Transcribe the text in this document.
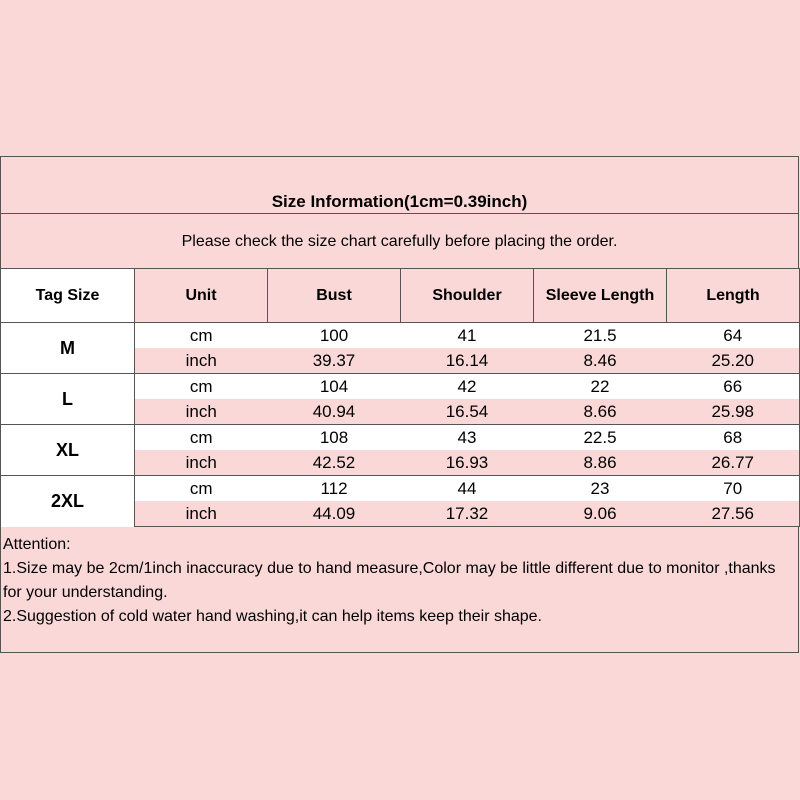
Size Information(1cm=0.39inch)
Please check the size chart carefully before placing the order.
Tag Size	Unit	Bust	Shoulder	Sleeve Length	Length
M	cm	100	41	21.5	64
	inch	39.37	16.14	8.46	25.20
L	cm	104	42	22	66
	inch	40.94	16.54	8.66	25.98
XL	cm	108	43	22.5	68
	inch	42.52	16.93	8.86	26.77
2XL	cm	112	44	23	70
	inch	44.09	17.32	9.06	27.56
Attention:
1.Size may be 2cm/1inch inaccuracy due to hand measure,Color may be little different due to monitor ,thanks for your understanding.
2.Suggestion of cold water hand washing,it can help items keep their shape.
